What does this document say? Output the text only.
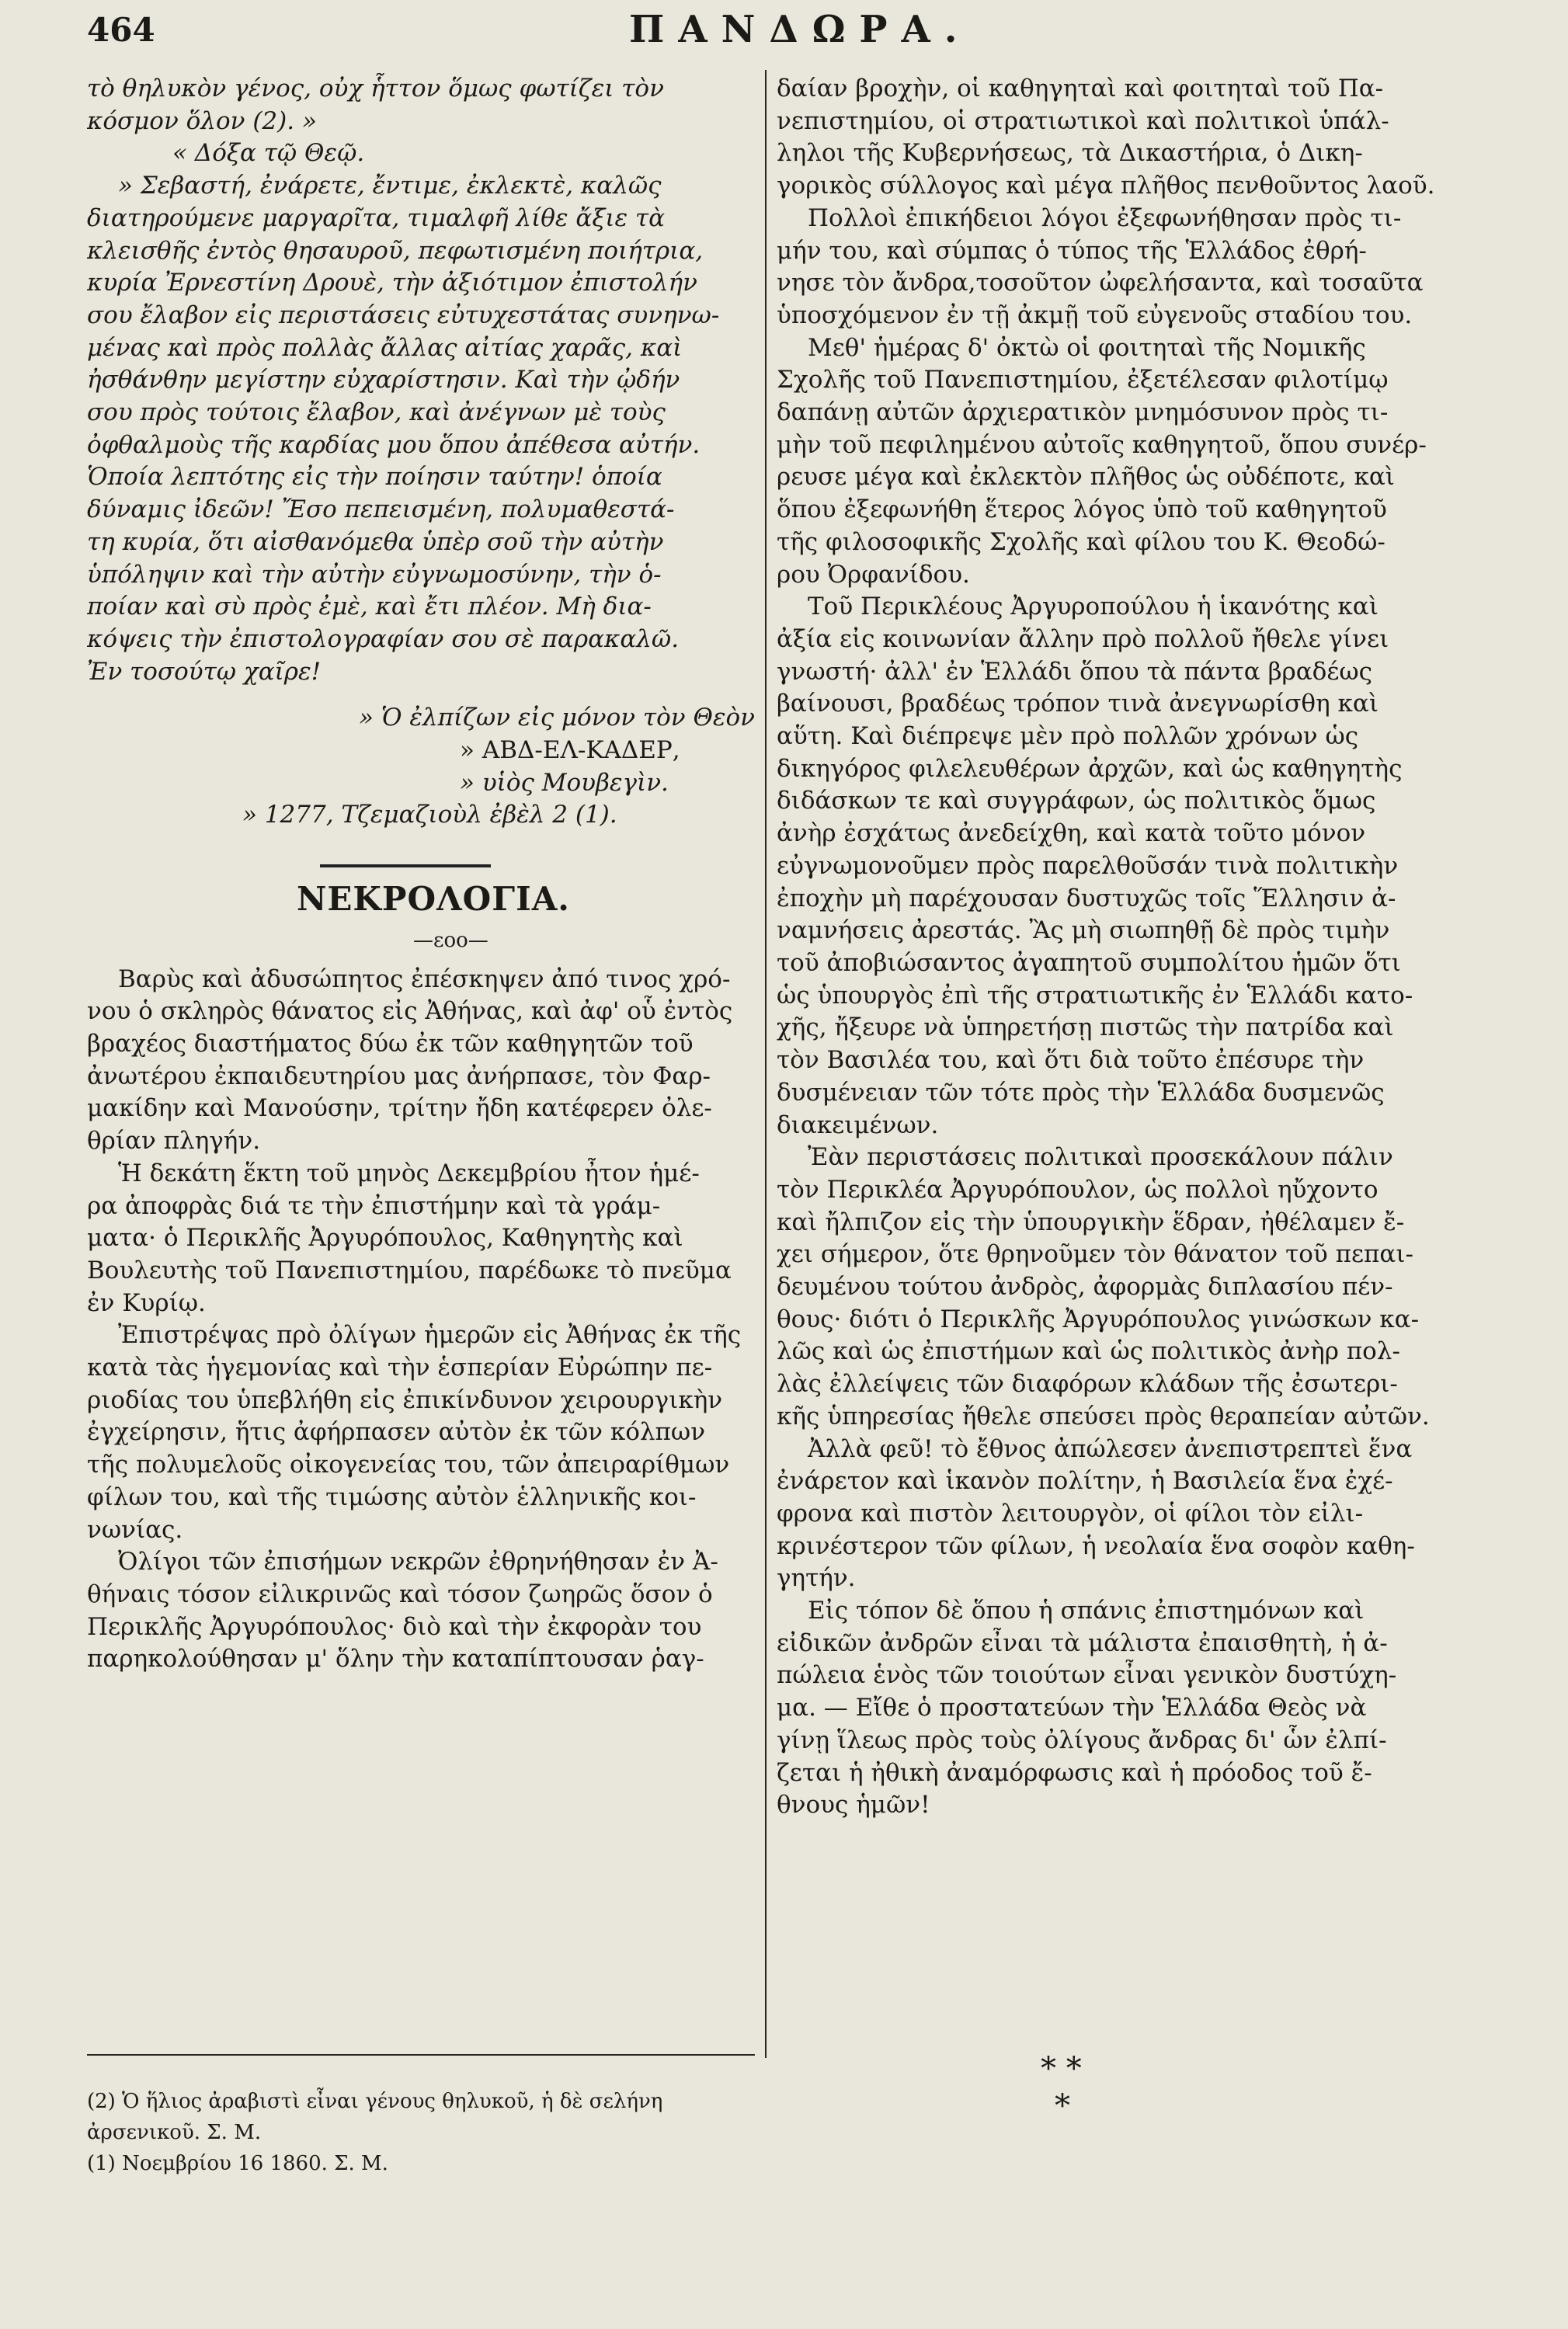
464	ΠΑΝΔΩΡΑ.
τὸ θηλυκὸν γένος, οὐχ ἧττον ὅμως φωτίζει τὸν
κόσμον ὅλον (2). »
« Δόξα τῷ Θεῷ.
» Σεβαστή, ἐνάρετε, ἔντιμε, ἐκλεκτὲ, καλῶς
διατηρούμενε μαργαρῖτα, τιμαλφῆ λίθε ἄξιε τὰ
κλεισθῆς ἐντὸς θησαυροῦ, πεφωτισμένη ποιήτρια,
κυρία Ἐρνεστίνη Δρουὲ, τὴν ἀξιότιμον ἐπιστολήν
σου ἔλαβον εἰς περιστάσεις εὐτυχεστάτας συνηνω-
μένας καὶ πρὸς πολλὰς ἄλλας αἰτίας χαρᾶς, καὶ
ἠσθάνθην μεγίστην εὐχαρίστησιν. Καὶ τὴν ᾠδήν
σου πρὸς τούτοις ἔλαβον, καὶ ἀνέγνων μὲ τοὺς
ὀφθαλμοὺς τῆς καρδίας μου ὅπου ἀπέθεσα αὐτήν.
Ὁποία λεπτότης εἰς τὴν ποίησιν ταύτην! ὁποία
δύναμις ἰδεῶν! Ἔσο πεπεισμένη, πολυμαθεστά-
τη κυρία, ὅτι αἰσθανόμεθα ὑπὲρ σοῦ τὴν αὐτὴν
ὑπόληψιν καὶ τὴν αὐτὴν εὐγνωμοσύνην, τὴν ὁ-
ποίαν καὶ σὺ πρὸς ἐμὲ, καὶ ἔτι πλέον. Μὴ δια-
κόψεις τὴν ἐπιστολογραφίαν σου σὲ παρακαλῶ.
Ἐν τοσούτῳ χαῖρε!
» Ὁ ἐλπίζων εἰς μόνον τὸν Θεὸν
» ΑΒΔ-ΕΛ-ΚΑΔΕΡ,
» υἱὸς Μουβεγὶν.
» 1277, Τζεμαζιοὺλ ἐβὲλ 2 (1).
ΝΕΚΡΟΛΟΓΙΑ.
—εοο—
Βαρὺς καὶ ἀδυσώπητος ἐπέσκηψεν ἀπό τινος χρό-
νου ὁ σκληρὸς θάνατος εἰς Ἀθήνας, καὶ ἀφ' οὗ ἐντὸς
βραχέος διαστήματος δύω ἐκ τῶν καθηγητῶν τοῦ
ἀνωτέρου ἐκπαιδευτηρίου μας ἀνήρπασε, τὸν Φαρ-
μακίδην καὶ Μανούσην, τρίτην ἤδη κατέφερεν ὀλε-
θρίαν πληγήν.
Ἡ δεκάτη ἕκτη τοῦ μηνὸς Δεκεμβρίου ἦτον ἡμέ-
ρα ἀποφρὰς διά τε τὴν ἐπιστήμην καὶ τὰ γράμ-
ματα· ὁ Περικλῆς Ἀργυρόπουλος, Καθηγητὴς καὶ
Βουλευτὴς τοῦ Πανεπιστημίου, παρέδωκε τὸ πνεῦμα
ἐν Κυρίῳ.
Ἐπιστρέψας πρὸ ὀλίγων ἡμερῶν εἰς Ἀθήνας ἐκ τῆς
κατὰ τὰς ἡγεμονίας καὶ τὴν ἑσπερίαν Εὐρώπην πε-
ριοδίας του ὑπεβλήθη εἰς ἐπικίνδυνον χειρουργικὴν
ἐγχείρησιν, ἥτις ἀφήρπασεν αὐτὸν ἐκ τῶν κόλπων
τῆς πολυμελοῦς οἰκογενείας του, τῶν ἀπειραρίθμων
φίλων του, καὶ τῆς τιμώσης αὐτὸν ἑλληνικῆς κοι-
νωνίας.
Ὀλίγοι τῶν ἐπισήμων νεκρῶν ἐθρηνήθησαν ἐν Ἀ-
θήναις τόσον εἰλικρινῶς καὶ τόσον ζωηρῶς ὅσον ὁ
Περικλῆς Ἀργυρόπουλος· διὸ καὶ τὴν ἐκφορὰν του
παρηκολούθησαν μ' ὅλην τὴν καταπίπτουσαν ῥαγ-
δαίαν βροχὴν, οἱ καθηγηταὶ καὶ φοιτηταὶ τοῦ Πα-
νεπιστημίου, οἱ στρατιωτικοὶ καὶ πολιτικοὶ ὑπάλ-
ληλοι τῆς Κυβερνήσεως, τὰ Δικαστήρια, ὁ Δικη-
γορικὸς σύλλογος καὶ μέγα πλῆθος πενθοῦντος λαοῦ.
Πολλοὶ ἐπικήδειοι λόγοι ἐξεφωνήθησαν πρὸς τι-
μήν του, καὶ σύμπας ὁ τύπος τῆς Ἑλλάδος ἐθρή-
νησε τὸν ἄνδρα,τοσοῦτον ὠφελήσαντα, καὶ τοσαῦτα
ὑποσχόμενον ἐν τῇ ἀκμῇ τοῦ εὐγενοῦς σταδίου του.
Μεθ' ἡμέρας δ' ὀκτὼ οἱ φοιτηταὶ τῆς Νομικῆς
Σχολῆς τοῦ Πανεπιστημίου, ἐξετέλεσαν φιλοτίμῳ
δαπάνῃ αὐτῶν ἀρχιερατικὸν μνημόσυνον πρὸς τι-
μὴν τοῦ πεφιλημένου αὐτοῖς καθηγητοῦ, ὅπου συνέρ-
ρευσε μέγα καὶ ἐκλεκτὸν πλῆθος ὡς οὐδέποτε, καὶ
ὅπου ἐξεφωνήθη ἕτερος λόγος ὑπὸ τοῦ καθηγητοῦ
τῆς φιλοσοφικῆς Σχολῆς καὶ φίλου του Κ. Θεοδώ-
ρου Ὀρφανίδου.
Τοῦ Περικλέους Ἀργυροπούλου ἡ ἱκανότης καὶ
ἀξία εἰς κοινωνίαν ἄλλην πρὸ πολλοῦ ἤθελε γίνει
γνωστή· ἀλλ' ἐν Ἑλλάδι ὅπου τὰ πάντα βραδέως
βαίνουσι, βραδέως τρόπον τινὰ ἀνεγνωρίσθη καὶ
αὕτη. Καὶ διέπρεψε μὲν πρὸ πολλῶν χρόνων ὡς
δικηγόρος φιλελευθέρων ἀρχῶν, καὶ ὡς καθηγητὴς
διδάσκων τε καὶ συγγράφων, ὡς πολιτικὸς ὅμως
ἀνὴρ ἐσχάτως ἀνεδείχθη, καὶ κατὰ τοῦτο μόνον
εὐγνωμονοῦμεν πρὸς παρελθοῦσάν τινὰ πολιτικὴν
ἐποχὴν μὴ παρέχουσαν δυστυχῶς τοῖς Ἕλλησιν ἀ-
ναμνήσεις ἀρεστάς. Ἂς μὴ σιωπηθῇ δὲ πρὸς τιμὴν
τοῦ ἀποβιώσαντος ἀγαπητοῦ συμπολίτου ἡμῶν ὅτι
ὡς ὑπουργὸς ἐπὶ τῆς στρατιωτικῆς ἐν Ἑλλάδι κατο-
χῆς, ἤξευρε νὰ ὑπηρετήσῃ πιστῶς τὴν πατρίδα καὶ
τὸν Βασιλέα του, καὶ ὅτι διὰ τοῦτο ἐπέσυρε τὴν
δυσμένειαν τῶν τότε πρὸς τὴν Ἑλλάδα δυσμενῶς
διακειμένων.
Ἐὰν περιστάσεις πολιτικαὶ προσεκάλουν πάλιν
τὸν Περικλέα Ἀργυρόπουλον, ὡς πολλοὶ ηὔχοντο
καὶ ἤλπιζον εἰς τὴν ὑπουργικὴν ἕδραν, ἠθέλαμεν ἔ-
χει σήμερον, ὅτε θρηνοῦμεν τὸν θάνατον τοῦ πεπαι-
δευμένου τούτου ἀνδρὸς, ἀφορμὰς διπλασίου πέν-
θους· διότι ὁ Περικλῆς Ἀργυρόπουλος γινώσκων κα-
λῶς καὶ ὡς ἐπιστήμων καὶ ὡς πολιτικὸς ἀνὴρ πολ-
λὰς ἐλλείψεις τῶν διαφόρων κλάδων τῆς ἐσωτερι-
κῆς ὑπηρεσίας ἤθελε σπεύσει πρὸς θεραπείαν αὐτῶν.
Ἀλλὰ φεῦ! τὸ ἔθνος ἀπώλεσεν ἀνεπιστρεπτεὶ ἕνα
ἐνάρετον καὶ ἱκανὸν πολίτην, ἡ Βασιλεία ἕνα ἐχέ-
φρονα καὶ πιστὸν λειτουργὸν, οἱ φίλοι τὸν εἰλι-
κρινέστερον τῶν φίλων, ἡ νεολαία ἕνα σοφὸν καθη-
γητήν.
Εἰς τόπον δὲ ὅπου ἡ σπάνις ἐπιστημόνων καὶ
εἰδικῶν ἀνδρῶν εἶναι τὰ μάλιστα ἐπαισθητὴ, ἡ ἀ-
πώλεια ἑνὸς τῶν τοιούτων εἶναι γενικὸν δυστύχη-
μα. — Εἴθε ὁ προστατεύων τὴν Ἑλλάδα Θεὸς νὰ
γίνῃ ἵλεως πρὸς τοὺς ὀλίγους ἄνδρας δι' ὧν ἐλπί-
ζεται ἡ ἠθικὴ ἀναμόρφωσις καὶ ἡ πρόοδος τοῦ ἔ-
θνους ἡμῶν!
* *
*
(2) Ὁ ἥλιος ἀραβιστὶ εἶναι γένους θηλυκοῦ, ἡ δὲ σελήνη
ἀρσενικοῦ. Σ. Μ.
(1) Νοεμβρίου 16 1860. Σ. Μ.
